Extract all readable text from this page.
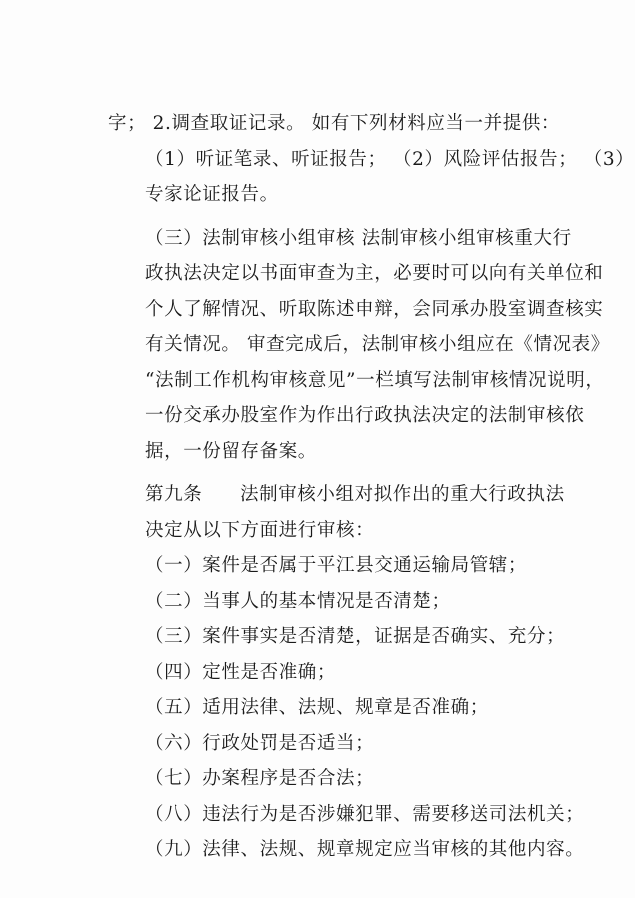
字； 2.调查取证记录。 如有下列材料应当一并提供：
（1）听证笔录、听证报告； （2）风险评估报告； （3）
专家论证报告。
（三）法制审核小组审核 法制审核小组审核重大行
政执法决定以书面审查为主，必要时可以向有关单位和
个人了解情况、听取陈述申辩，会同承办股室调查核实
有关情况。 审查完成后，法制审核小组应在《情况表》
“法制工作机构审核意见”一栏填写法制审核情况说明，
一份交承办股室作为作出行政执法决定的法制审核依
据，一份留存备案。
第九条 法制审核小组对拟作出的重大行政执法
决定从以下方面进行审核：
（一）案件是否属于平江县交通运输局管辖；
（二）当事人的基本情况是否清楚；
（三）案件事实是否清楚，证据是否确实、充分；
（四）定性是否准确；
（五）适用法律、法规、规章是否准确；
（六）行政处罚是否适当；
（七）办案程序是否合法；
（八）违法行为是否涉嫌犯罪、需要移送司法机关；
（九）法律、法规、规章规定应当审核的其他内容。
